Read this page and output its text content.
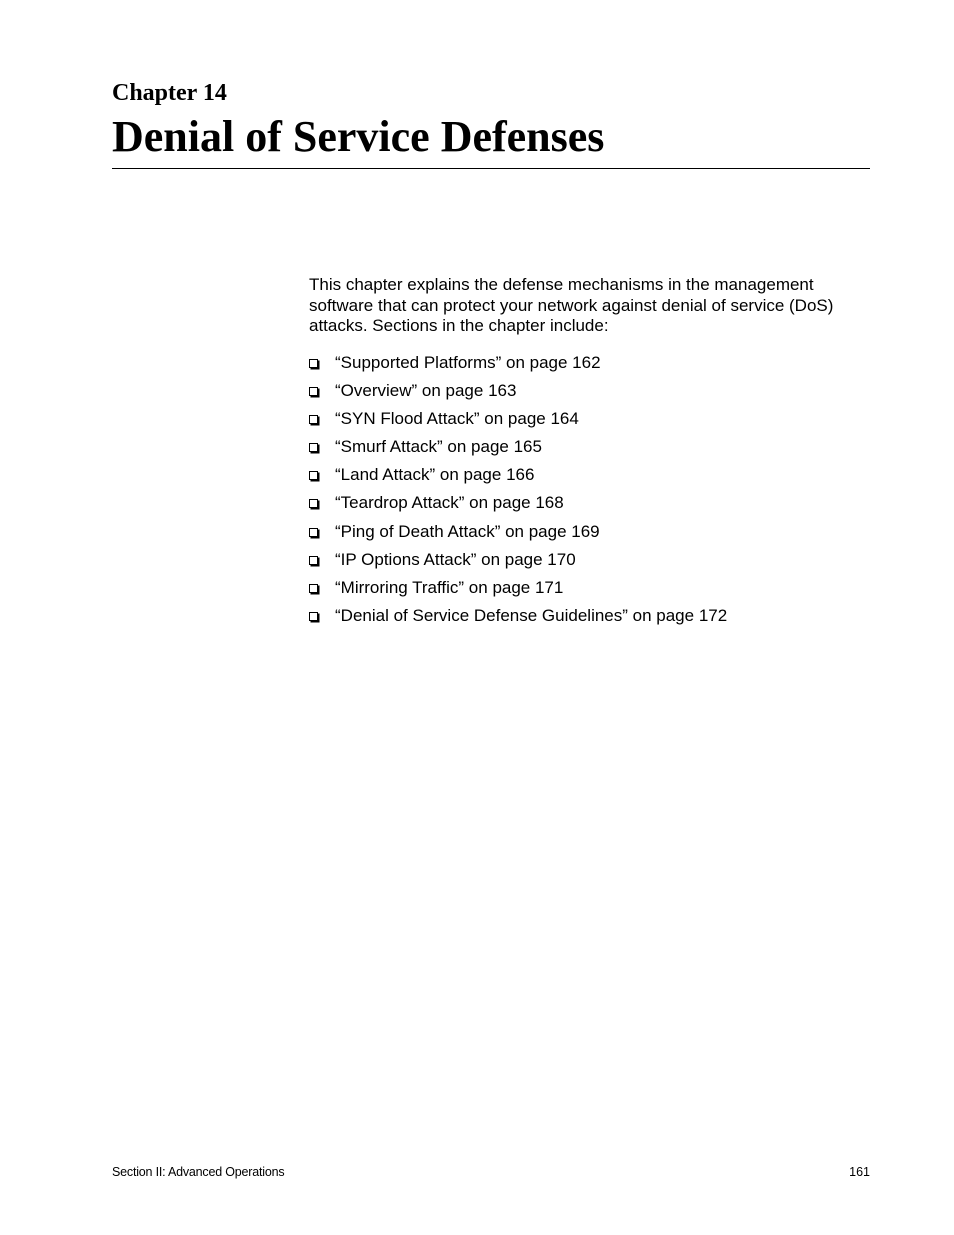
Chapter 14
Denial of Service Defenses

This chapter explains the defense mechanisms in the management software that can protect your network against denial of service (DoS) attacks. Sections in the chapter include:

“Supported Platforms” on page 162
“Overview” on page 163
“SYN Flood Attack” on page 164
“Smurf Attack” on page 165
“Land Attack” on page 166
“Teardrop Attack” on page 168
“Ping of Death Attack” on page 169
“IP Options Attack” on page 170
“Mirroring Traffic” on page 171
“Denial of Service Defense Guidelines” on page 172
Section II: Advanced Operations	161
